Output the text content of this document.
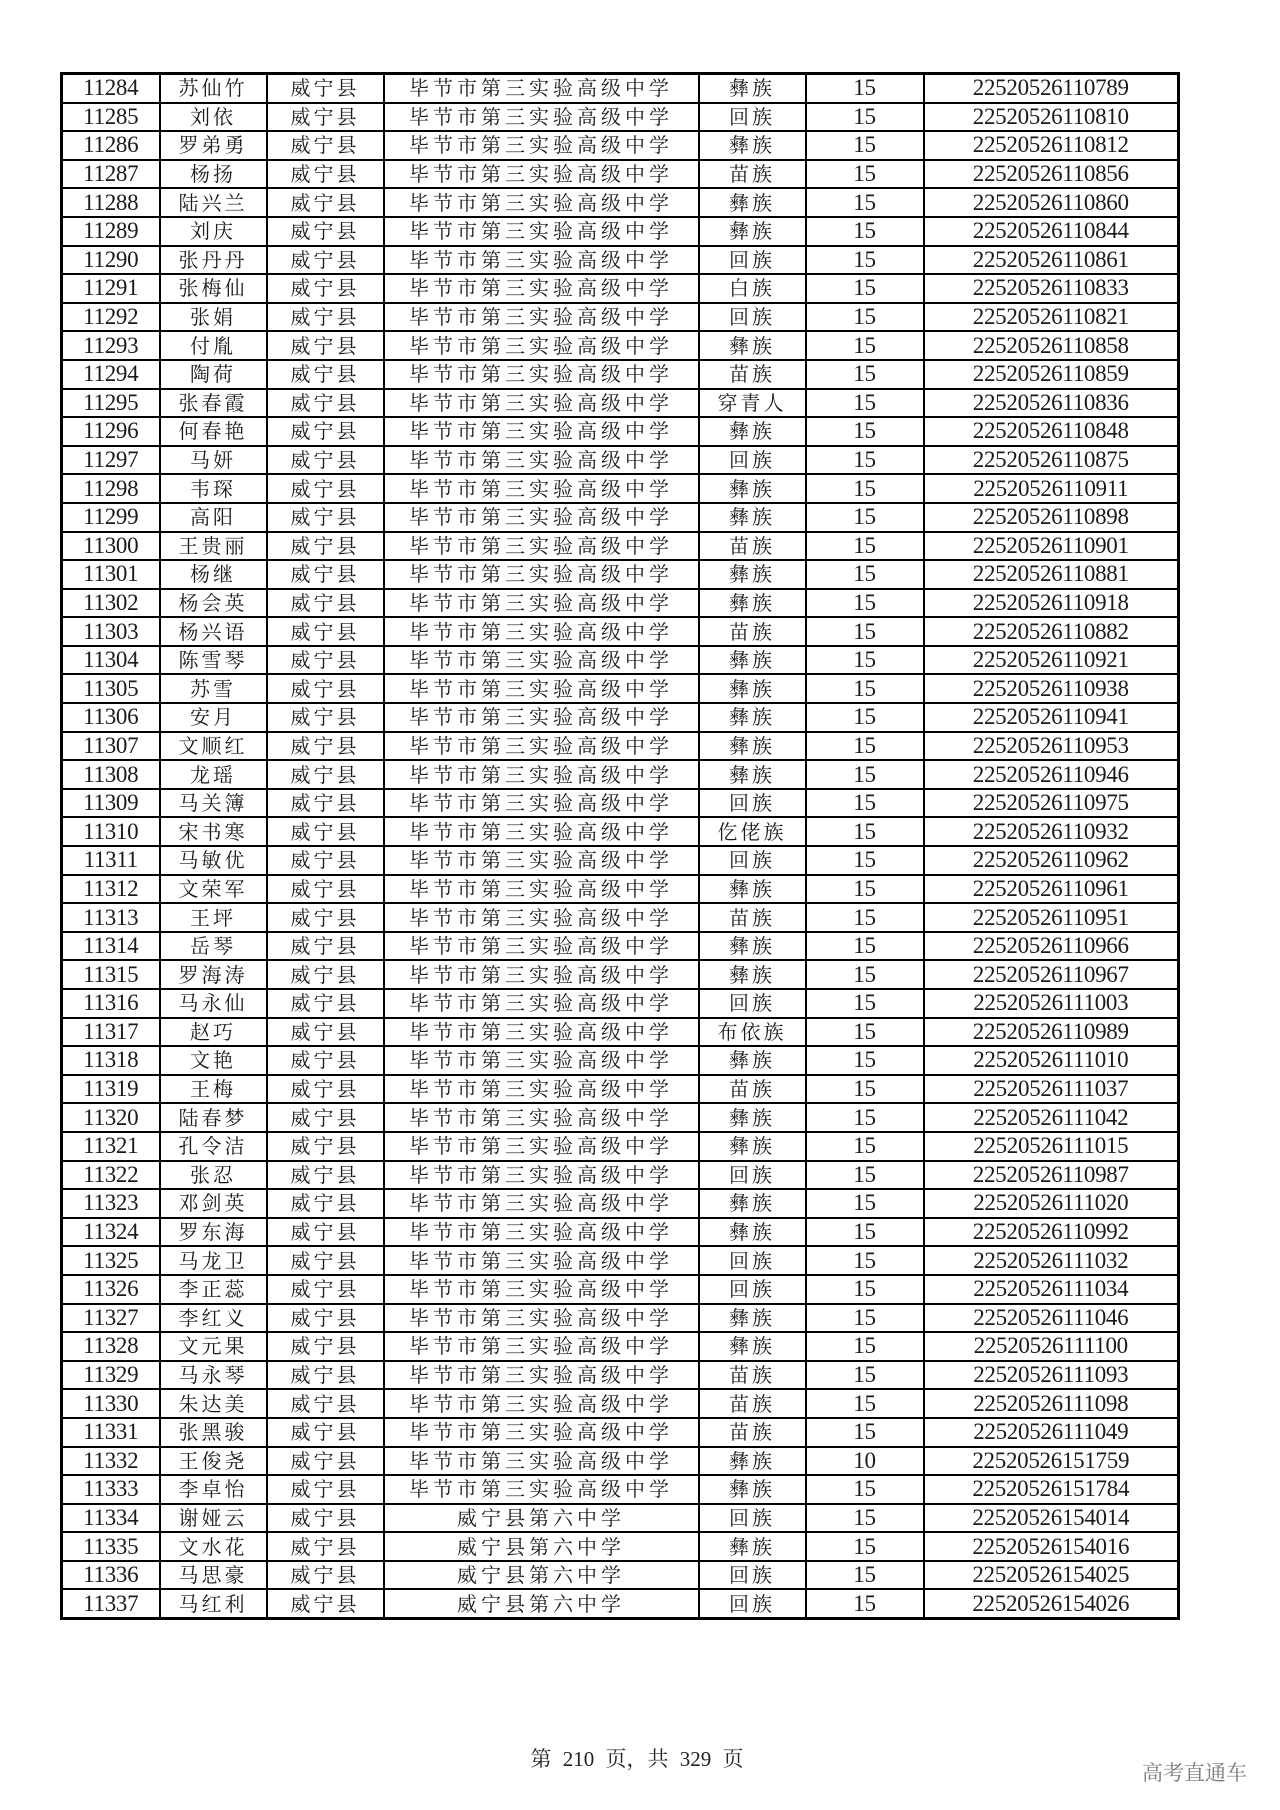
11284	苏仙竹	威宁县	毕节市第三实验高级中学	彝族	15	22520526110789
11285	刘依	威宁县	毕节市第三实验高级中学	回族	15	22520526110810
11286	罗弟勇	威宁县	毕节市第三实验高级中学	彝族	15	22520526110812
11287	杨扬	威宁县	毕节市第三实验高级中学	苗族	15	22520526110856
11288	陆兴兰	威宁县	毕节市第三实验高级中学	彝族	15	22520526110860
11289	刘庆	威宁县	毕节市第三实验高级中学	彝族	15	22520526110844
11290	张丹丹	威宁县	毕节市第三实验高级中学	回族	15	22520526110861
11291	张梅仙	威宁县	毕节市第三实验高级中学	白族	15	22520526110833
11292	张娟	威宁县	毕节市第三实验高级中学	回族	15	22520526110821
11293	付胤	威宁县	毕节市第三实验高级中学	彝族	15	22520526110858
11294	陶荷	威宁县	毕节市第三实验高级中学	苗族	15	22520526110859
11295	张春霞	威宁县	毕节市第三实验高级中学	穿青人	15	22520526110836
11296	何春艳	威宁县	毕节市第三实验高级中学	彝族	15	22520526110848
11297	马妍	威宁县	毕节市第三实验高级中学	回族	15	22520526110875
11298	韦琛	威宁县	毕节市第三实验高级中学	彝族	15	22520526110911
11299	高阳	威宁县	毕节市第三实验高级中学	彝族	15	22520526110898
11300	王贵丽	威宁县	毕节市第三实验高级中学	苗族	15	22520526110901
11301	杨继	威宁县	毕节市第三实验高级中学	彝族	15	22520526110881
11302	杨会英	威宁县	毕节市第三实验高级中学	彝族	15	22520526110918
11303	杨兴语	威宁县	毕节市第三实验高级中学	苗族	15	22520526110882
11304	陈雪琴	威宁县	毕节市第三实验高级中学	彝族	15	22520526110921
11305	苏雪	威宁县	毕节市第三实验高级中学	彝族	15	22520526110938
11306	安月	威宁县	毕节市第三实验高级中学	彝族	15	22520526110941
11307	文顺红	威宁县	毕节市第三实验高级中学	彝族	15	22520526110953
11308	龙瑶	威宁县	毕节市第三实验高级中学	彝族	15	22520526110946
11309	马关簿	威宁县	毕节市第三实验高级中学	回族	15	22520526110975
11310	宋书寒	威宁县	毕节市第三实验高级中学	仡佬族	15	22520526110932
11311	马敏优	威宁县	毕节市第三实验高级中学	回族	15	22520526110962
11312	文荣军	威宁县	毕节市第三实验高级中学	彝族	15	22520526110961
11313	王坪	威宁县	毕节市第三实验高级中学	苗族	15	22520526110951
11314	岳琴	威宁县	毕节市第三实验高级中学	彝族	15	22520526110966
11315	罗海涛	威宁县	毕节市第三实验高级中学	彝族	15	22520526110967
11316	马永仙	威宁县	毕节市第三实验高级中学	回族	15	22520526111003
11317	赵巧	威宁县	毕节市第三实验高级中学	布依族	15	22520526110989
11318	文艳	威宁县	毕节市第三实验高级中学	彝族	15	22520526111010
11319	王梅	威宁县	毕节市第三实验高级中学	苗族	15	22520526111037
11320	陆春梦	威宁县	毕节市第三实验高级中学	彝族	15	22520526111042
11321	孔令洁	威宁县	毕节市第三实验高级中学	彝族	15	22520526111015
11322	张忍	威宁县	毕节市第三实验高级中学	回族	15	22520526110987
11323	邓剑英	威宁县	毕节市第三实验高级中学	彝族	15	22520526111020
11324	罗东海	威宁县	毕节市第三实验高级中学	彝族	15	22520526110992
11325	马龙卫	威宁县	毕节市第三实验高级中学	回族	15	22520526111032
11326	李正蕊	威宁县	毕节市第三实验高级中学	回族	15	22520526111034
11327	李红义	威宁县	毕节市第三实验高级中学	彝族	15	22520526111046
11328	文元果	威宁县	毕节市第三实验高级中学	彝族	15	22520526111100
11329	马永琴	威宁县	毕节市第三实验高级中学	苗族	15	22520526111093
11330	朱达美	威宁县	毕节市第三实验高级中学	苗族	15	22520526111098
11331	张黑骏	威宁县	毕节市第三实验高级中学	苗族	15	22520526111049
11332	王俊尧	威宁县	毕节市第三实验高级中学	彝族	10	22520526151759
11333	李卓怡	威宁县	毕节市第三实验高级中学	彝族	15	22520526151784
11334	谢娅云	威宁县	威宁县第六中学	回族	15	22520526154014
11335	文水花	威宁县	威宁县第六中学	彝族	15	22520526154016
11336	马思豪	威宁县	威宁县第六中学	回族	15	22520526154025
11337	马红利	威宁县	威宁县第六中学	回族	15	22520526154026
第 210 页，共 329 页
高考直通车
